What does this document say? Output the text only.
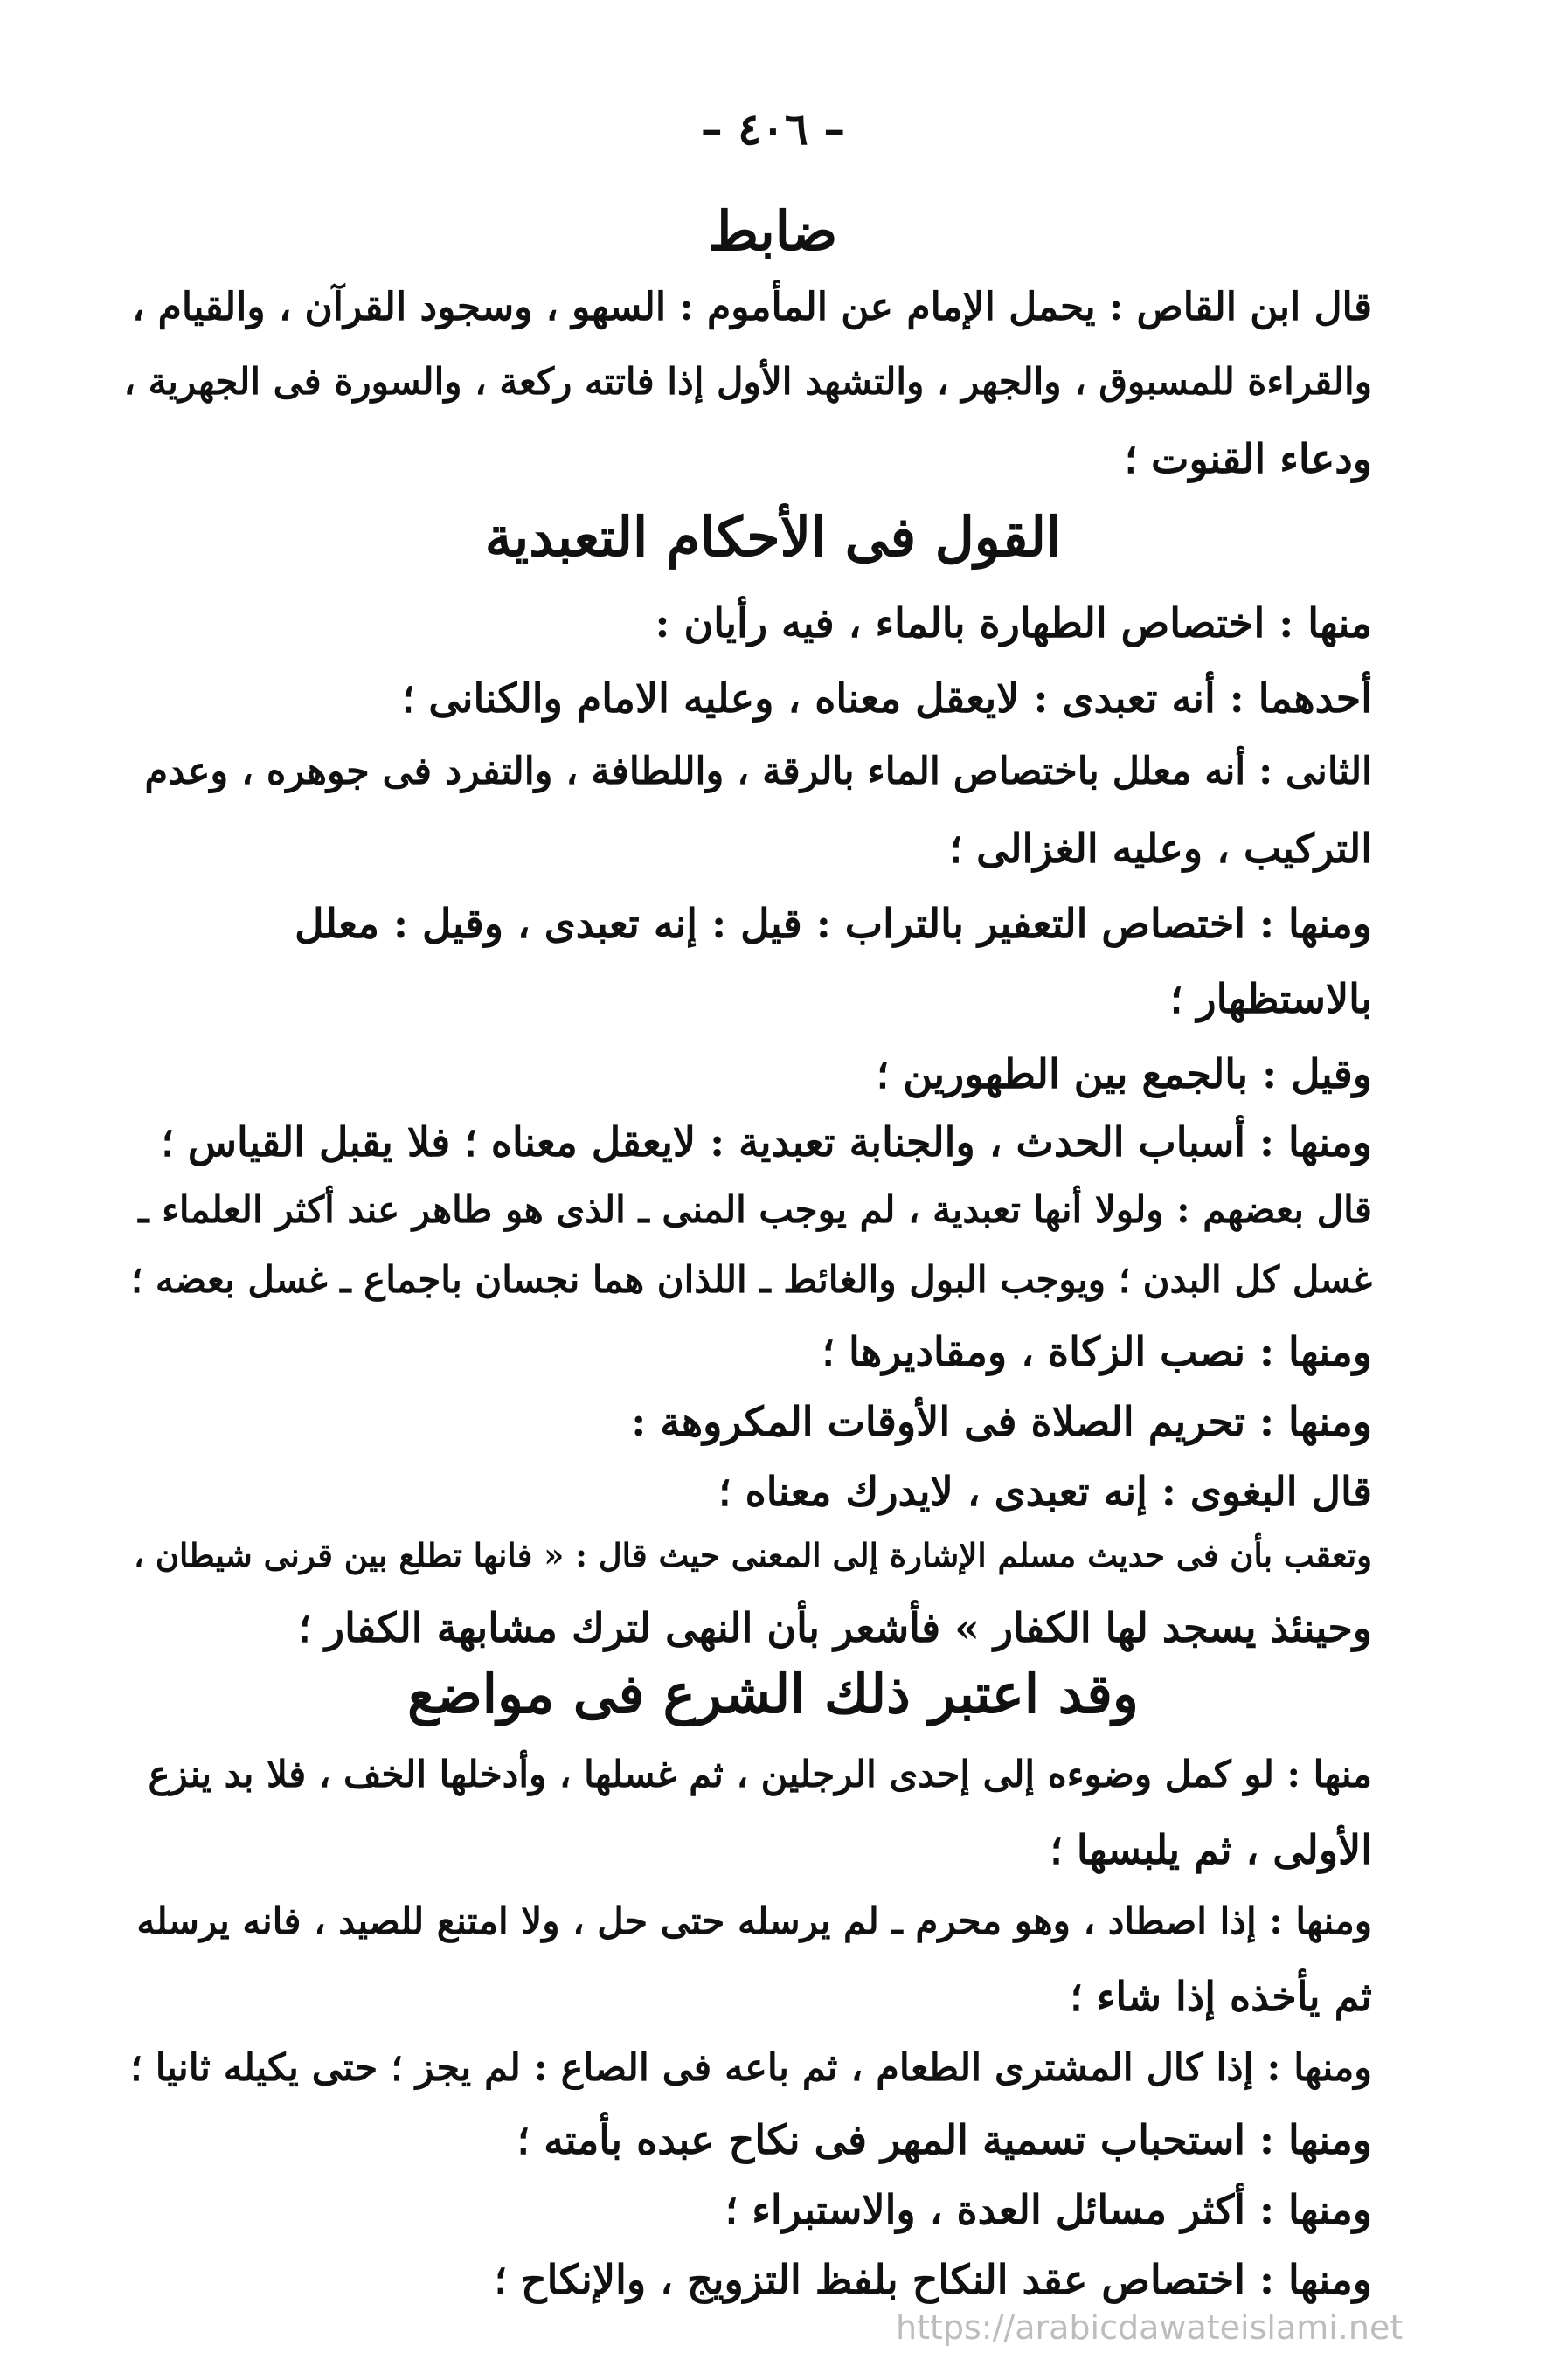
– ٤٠٦ –
ضابط
قال ابن القاص : يحمل الإمام عن المأموم : السهو ، وسجود القرآن ، والقيام ،
والقراءة للمسبوق ، والجهر ، والتشهد الأول إذا فاتته ركعة ، والسورة فى الجهرية ،
ودعاء القنوت ؛
القول فى الأحكام التعبدية
منها : اختصاص الطهارة بالماء ، فيه رأيان :
أحدهما : أنه تعبدى : لايعقل معناه ، وعليه الامام والكنانى ؛
الثانى : أنه معلل باختصاص الماء بالرقة ، واللطافة ، والتفرد فى جوهره ، وعدم
التركيب ، وعليه الغزالى ؛
ومنها : اختصاص التعفير بالتراب : قيل : إنه تعبدى ، وقيل : معلل
بالاستظهار ؛
وقيل : بالجمع بين الطهورين ؛
ومنها : أسباب الحدث ، والجنابة تعبدية : لايعقل معناه ؛ فلا يقبل القياس ؛
قال بعضهم : ولولا أنها تعبدية ، لم يوجب المنى ـ الذى هو طاهر عند أكثر العلماء ـ
غسل كل البدن ؛ ويوجب البول والغائط ـ اللذان هما نجسان باجماع ـ غسل بعضه ؛
ومنها : نصب الزكاة ، ومقاديرها ؛
ومنها : تحريم الصلاة فى الأوقات المكروهة :
قال البغوى : إنه تعبدى ، لايدرك معناه ؛
وتعقب بأن فى حديث مسلم الإشارة إلى المعنى حيث قال : « فانها تطلع بين قرنى شيطان ،
وحينئذ يسجد لها الكفار » فأشعر بأن النهى لترك مشابهة الكفار ؛
وقد اعتبر ذلك الشرع فى مواضع
منها : لو كمل وضوءه إلى إحدى الرجلين ، ثم غسلها ، وأدخلها الخف ، فلا بد ينزع
الأولى ، ثم يلبسها ؛
ومنها : إذا اصطاد ، وهو محرم ـ لم يرسله حتى حل ، ولا امتنع للصيد ، فانه يرسله
ثم يأخذه إذا شاء ؛
ومنها : إذا كال المشترى الطعام ، ثم باعه فى الصاع : لم يجز ؛ حتى يكيله ثانيا ؛
ومنها : استحباب تسمية المهر فى نكاح عبده بأمته ؛
ومنها : أكثر مسائل العدة ، والاستبراء ؛
ومنها : اختصاص عقد النكاح بلفظ التزويج ، والإنكاح ؛
https://arabicdawateislami.net
